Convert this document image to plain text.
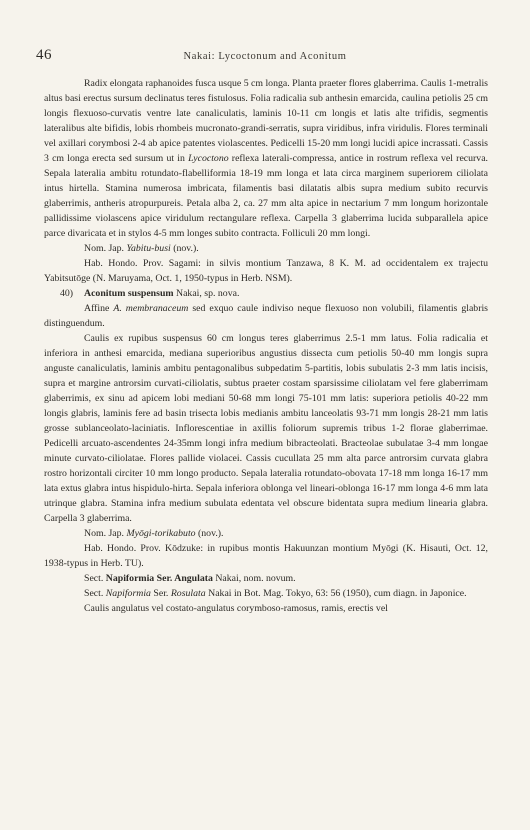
46	Nakai: Lycoctonum and Aconitum

Radix elongata raphanoides fusca usque 5 cm longa. Planta praeter flores glaberrima. Caulis 1-metralis altus basi erectus sursum declinatus teres fistulosus. Folia radicalia sub anthesin emarcida, caulina petiolis 25 cm longis flexuoso-curvatis ventre late canaliculatis, laminis 10-11 cm longis et latis alte trifidis, segmentis lateralibus alte bifidis, lobis rhombeis mucronato-grandi-serratis, supra viridibus, infra viridulis. Flores terminali vel axillari corymbosi 2-4 ab apice patentes violascentes. Pedicelli 15-20 mm longi lucidi apice incrassati. Cassis 3 cm longa erecta sed sursum ut in Lycoctono reflexa laterali-compressa, antice in rostrum reflexa vel recurva. Sepala lateralia ambitu rotundato-flabelliformia 18-19 mm longa et lata circa marginem superiorem ciliolata intus hirtella. Stamina numerosa imbricata, filamentis basi dilatatis albis supra medium subito recurvis glaberrimis, antheris atropurpureis. Petala alba 2, ca. 27 mm alta apice in nectarium 7 mm longum horizontale pallidissime violascens apice viridulum rectangulare reflexa. Carpella 3 glaberrima lucida subparallela apice parce divaricata et in stylos 4-5 mm longes subito contracta. Folliculi 20 mm longi.

Nom. Jap. Yabitu-busi (nov.).

Hab. Hondo. Prov. Sagami: in silvis montium Tanzawa, 8 K. M. ad occidentalem ex trajectu Yabitsutōge (N. Maruyama, Oct. 1, 1950-typus in Herb. NSM).

40) Aconitum suspensum Nakai, sp. nova.

Affine A. membranaceum sed exquo caule indiviso neque flexuoso non volubili, filamentis glabris distinguendum.

Caulis ex rupibus suspensus 60 cm longus teres glaberrimus 2.5-1 mm latus. Folia radicalia et inferiora in anthesi emarcida, mediana superioribus angustius dissecta cum petiolis 50-40 mm longis supra anguste canaliculatis, laminis ambitu pentagonalibus subpedatim 5-partitis, lobis subulatis 2-3 mm latis incisis, supra et margine antrorsim curvati-ciliolatis, subtus praeter costam sparsissime ciliolatam vel fere glaberrimam glaberrimis, ex sinu ad apicem lobi mediani 50-68 mm longi 75-101 mm latis: superiora petiolis 40-22 mm longis glabris, laminis fere ad basin trisecta lobis medianis ambitu lanceolatis 93-71 mm longis 28-21 mm latis grosse sublanceolato-laciniatis. Inflorescentiae in axillis foliorum supremis tribus 1-2 florae glaberrimae. Pedicelli arcuato-ascendentes 24-35mm longi infra medium bibracteolati. Bracteolae subulatae 3-4 mm longae minute curvato-ciliolatae. Flores pallide violacei. Cassis cucullata 25 mm alta parce antrorsim curvata glabra rostro horizontali circiter 10 mm longo producto. Sepala lateralia rotundato-obovata 17-18 mm longa 16-17 mm lata extus glabra intus hispidulo-hirta. Sepala inferiora oblonga vel lineari-oblonga 16-17 mm longa 4-6 mm lata utrinque glabra. Stamina infra medium subulata edentata vel obscure bidentata supra medium linearia glabra. Carpella 3 glaberrima.

Nom. Jap. Myōgi-torikabuto (nov.).

Hab. Hondo. Prov. Kōdzuke: in rupibus montis Hakuunzan montium Myōgi (K. Hisauti, Oct. 12, 1938-typus in Herb. TU).

Sect. Napiformia Ser. Angulata Nakai, nom. novum.

Sect. Napiformia Ser. Rosulata Nakai in Bot. Mag. Tokyo, 63: 56 (1950), cum diagn. in Japonice.

Caulis angulatus vel costato-angulatus corymboso-ramosus, ramis, erectis vel
